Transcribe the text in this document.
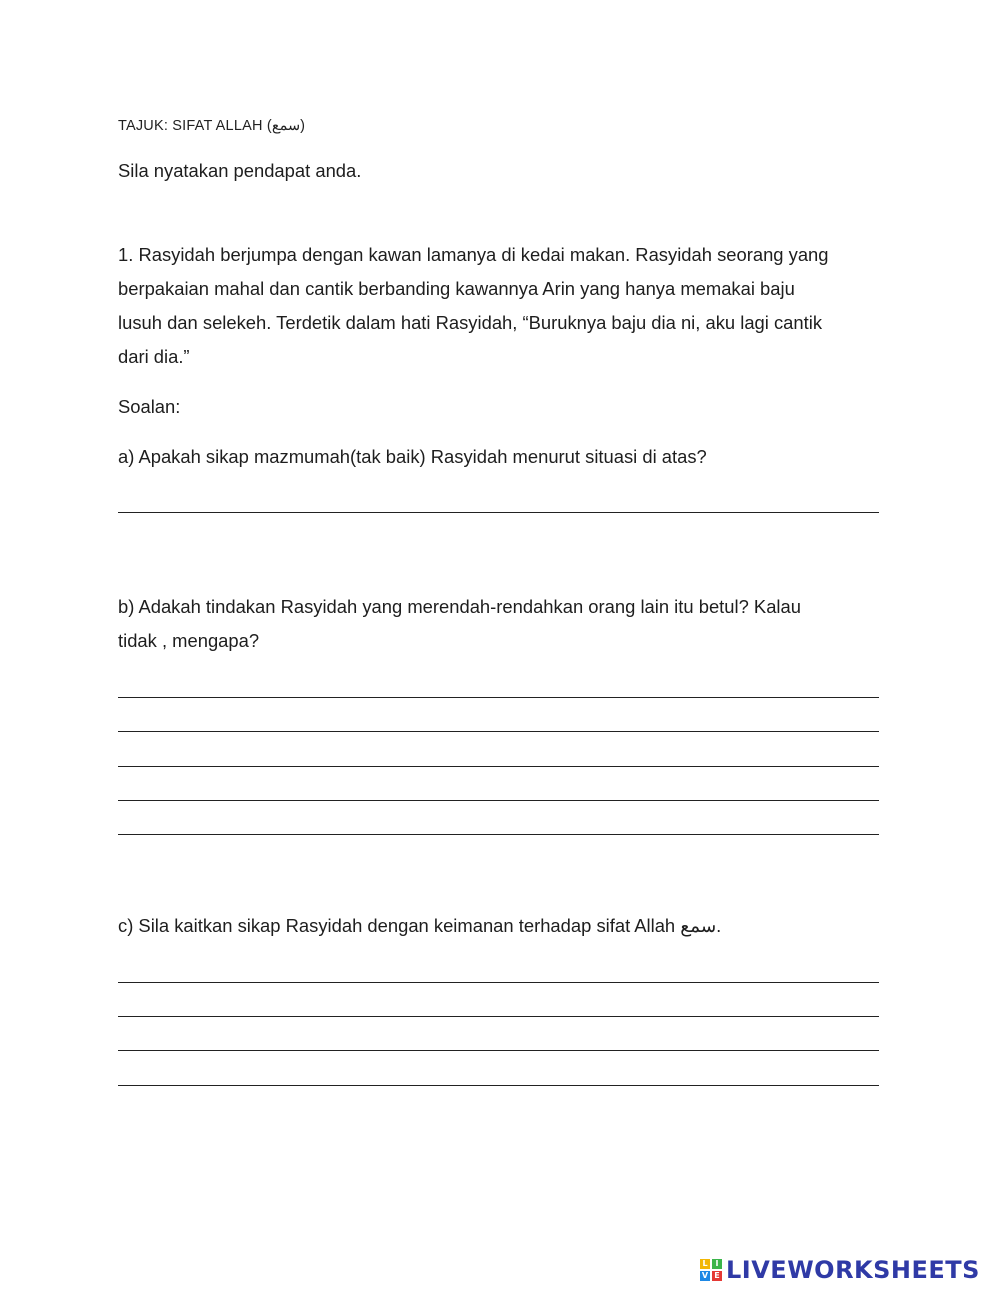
TAJUK: SIFAT ALLAH (سمع)
Sila nyatakan pendapat anda.
1. Rasyidah berjumpa dengan kawan lamanya di kedai makan. Rasyidah seorang yang
berpakaian mahal dan cantik berbanding kawannya Arin yang hanya memakai baju
lusuh dan selekeh. Terdetik dalam hati Rasyidah, “Buruknya baju dia ni, aku lagi cantik
dari dia.”
Soalan:
a) Apakah sikap mazmumah(tak baik) Rasyidah menurut situasi di atas?
b) Adakah tindakan Rasyidah yang merendah-rendahkan orang lain itu betul? Kalau
tidak , mengapa?
c) Sila kaitkan sikap Rasyidah dengan keimanan terhadap sifat Allah سمع.
L I
V E LIVEWORKSHEETS
